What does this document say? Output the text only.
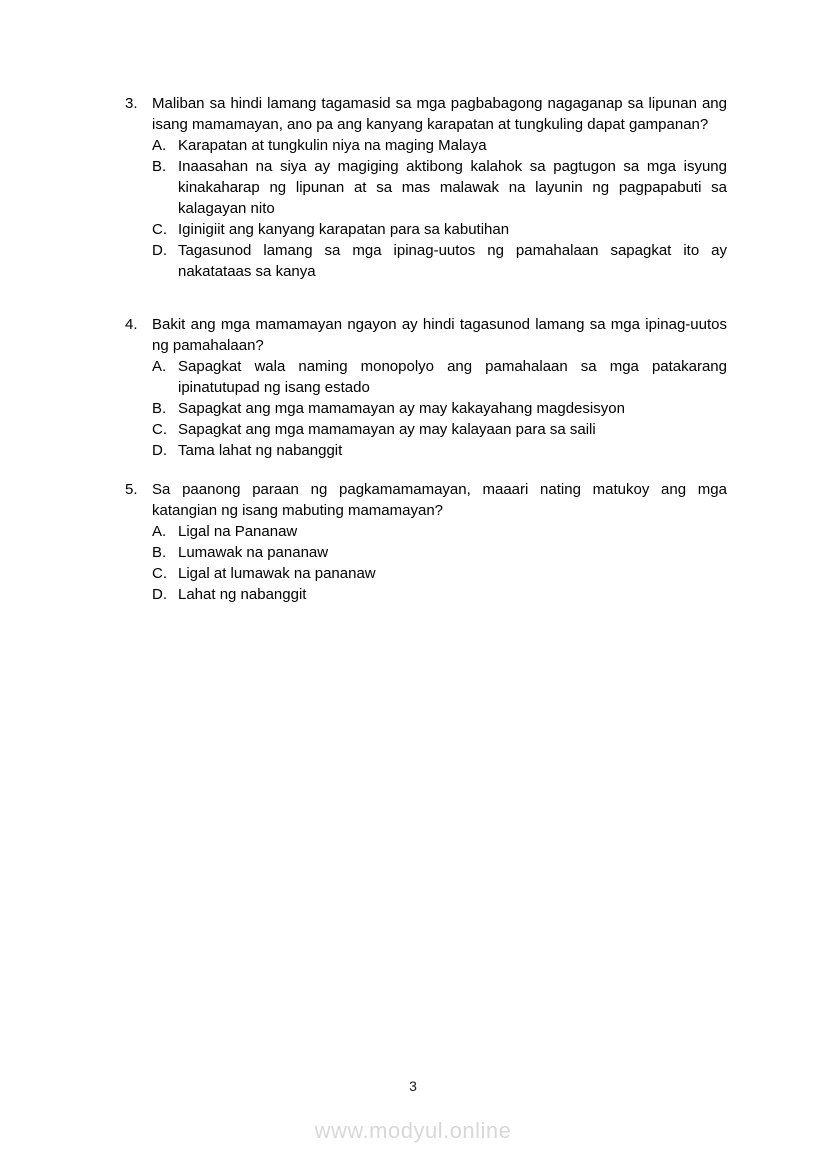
3. Maliban sa hindi lamang tagamasid sa mga pagbabagong nagaganap sa lipunan ang isang mamamayan, ano pa ang kanyang karapatan at tungkuling dapat gampanan?
A. Karapatan at tungkulin niya na maging Malaya
B. Inaasahan na siya ay magiging aktibong kalahok sa pagtugon sa mga isyung kinakaharap ng lipunan at sa mas malawak na layunin ng pagpapabuti sa kalagayan nito
C. Iginigiit ang kanyang karapatan para sa kabutihan
D. Tagasunod lamang sa mga ipinag-uutos ng pamahalaan sapagkat ito ay nakatataas sa kanya
4. Bakit ang mga mamamayan ngayon ay hindi tagasunod lamang sa mga ipinag-uutos ng pamahalaan?
A. Sapagkat wala naming monopolyo ang pamahalaan sa mga patakarang ipinatutupad ng isang estado
B. Sapagkat ang mga mamamayan ay may kakayahang magdesisyon
C. Sapagkat ang mga mamamayan ay may kalayaan para sa saili
D. Tama lahat ng nabanggit
5. Sa paanong paraan ng pagkamamamayan, maaari nating matukoy ang mga katangian ng isang mabuting mamamayan?
A. Ligal na Pananaw
B. Lumawak na pananaw
C. Ligal at lumawak na pananaw
D. Lahat ng nabanggit
3
www.modyul.online
